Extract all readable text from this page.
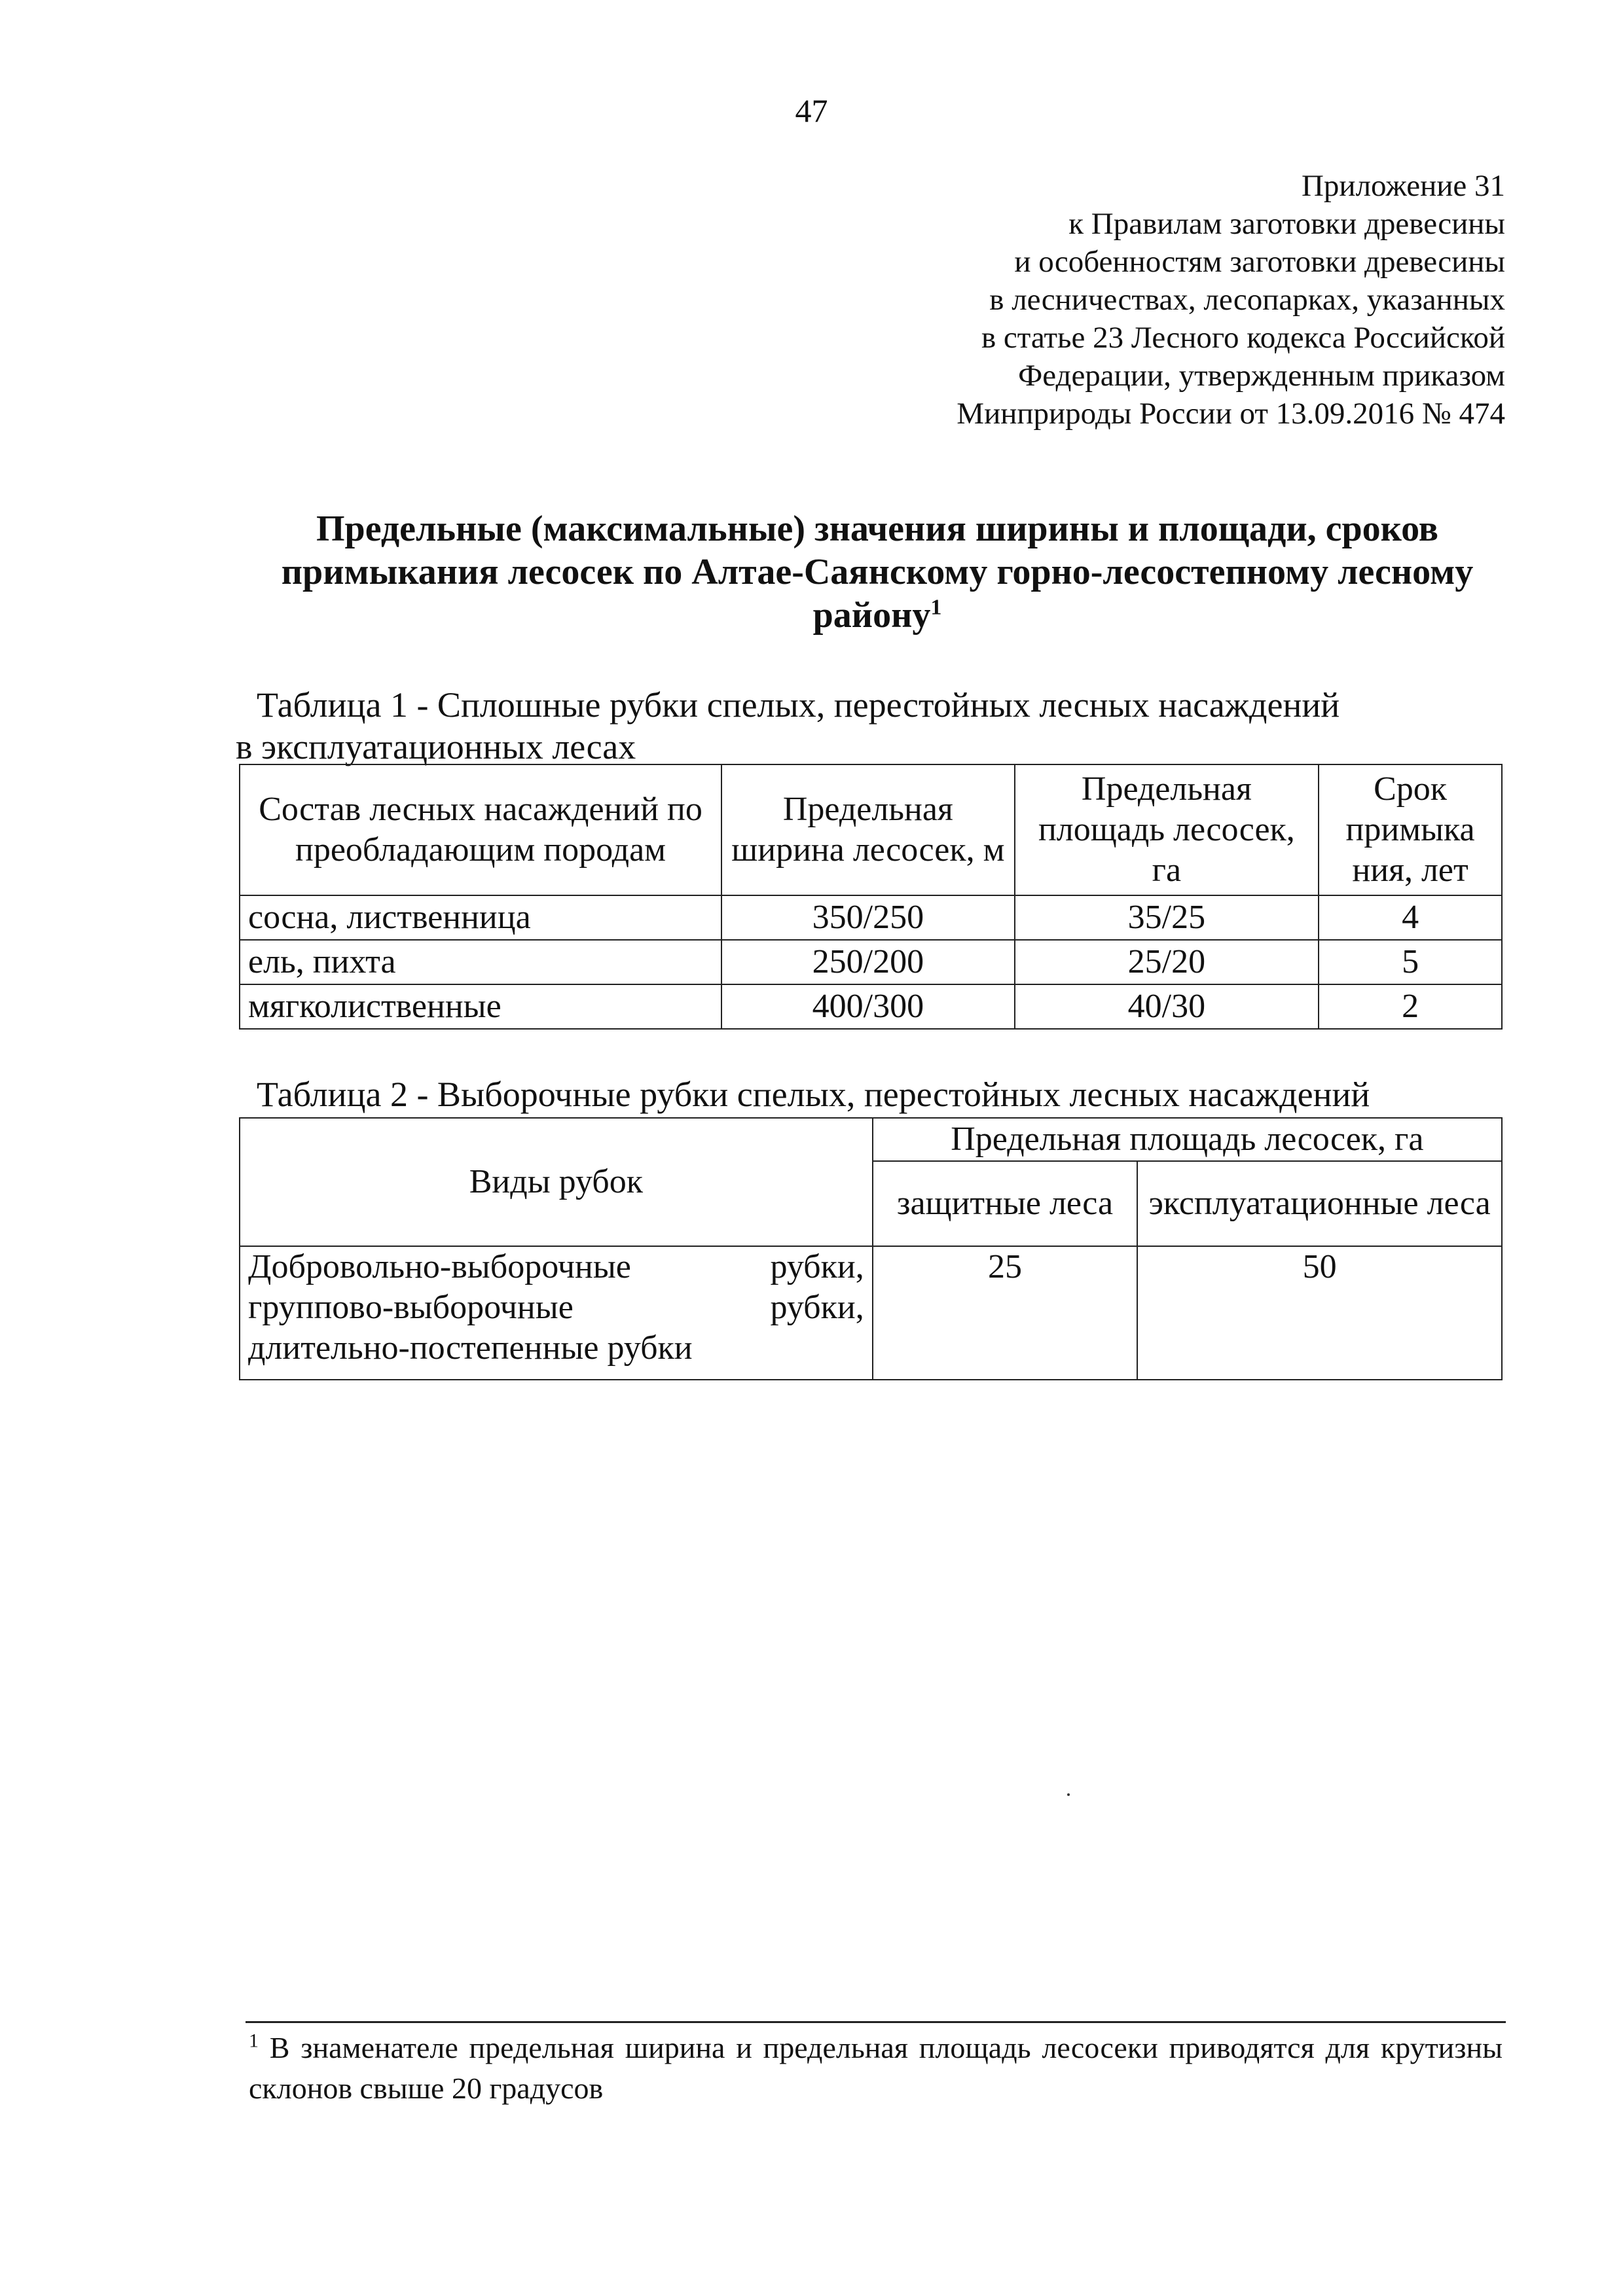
47
Приложение 31
к Правилам заготовки древесины
и особенностям заготовки древесины
в лесничествах, лесопарках, указанных
в статье 23 Лесного кодекса Российской
Федерации, утвержденным приказом
Минприроды России от 13.09.2016 № 474
Предельные (максимальные) значения ширины и площади, сроков
примыкания лесосек по Алтае-Саянскому горно-лесостепному лесному
району$^1$
Таблица 1 - Сплошные рубки спелых, перестойных лесных насаждений
в эксплуатационных лесах
Состав лесных насаждений по преобладающим породам	Предельная ширина лесосек, м	Предельная площадь лесосек, га	Срок примыка ния, лет
сосна, лиственница	350/250	35/25	4
ель, пихта	250/200	25/20	5
мягколиственные	400/300	40/30	2
Таблица 2 - Выборочные рубки спелых, перестойных лесных насаждений
Виды рубок	Предельная площадь лесосек, га	
	защитные леса	эксплуатационные леса

Добровольно-выборочные рубки,
групповo-выборочные рубки,
длительно-постепенные рубки	25	50
$^1$ В знаменателе предельная ширина и предельная площадь лесосеки приводятся для крутизны склонов свыше 20 градусов
